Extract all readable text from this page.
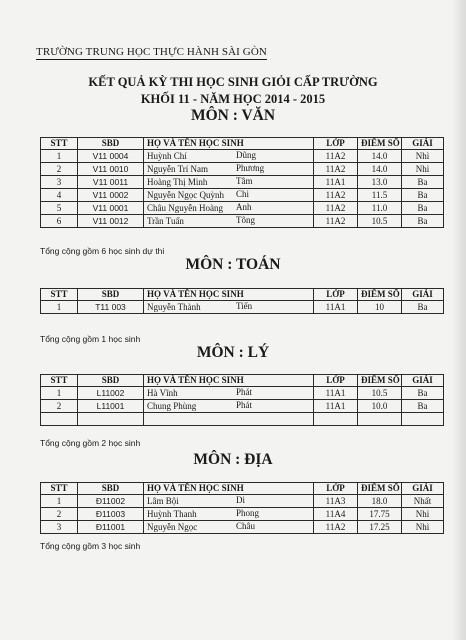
TRƯỜNG TRUNG HỌC THỰC HÀNH SÀI GÒN
KẾT QUẢ KỲ THI HỌC SINH GIỎI CẤP TRƯỜNG
KHỐI 11 - NĂM HỌC 2014 - 2015
MÔN : VĂN
STT	SBD	HỌ VÀ TÊN HỌC SINH	LỚP	ĐIỂM SỐ	GIẢI
1	V11 0004	Huỳnh Chí Dũng	11A2	14.0	Nhì
2	V11 0010	Nguyễn Trí Nam Phương	11A2	14.0	Nhì
3	V11 0011	Hoàng Thị Minh Tâm	11A1	13.0	Ba
4	V11 0002	Nguyễn Ngọc Quỳnh Chi	11A2	11.5	Ba
5	V11 0001	Châu Nguyễn Hoàng Anh	11A2	11.0	Ba
6	V11 0012	Trần Tuấn Tông	11A2	10.5	Ba
Tổng cộng gồm 6 học sinh dự thi
MÔN : TOÁN
STT	SBD	HỌ VÀ TÊN HỌC SINH	LỚP	ĐIỂM SỐ	GIẢI
1	T11 003	Nguyễn Thành Tiến	11A1	10	Ba
Tổng cộng gồm 1 học sinh
MÔN : LÝ
STT	SBD	HỌ VÀ TÊN HỌC SINH	LỚP	ĐIỂM SỐ	GIẢI
1	L11002	Hà Vĩnh Phát	11A1	10.5	Ba
2	L11001	Chung Phùng Phát	11A1	10.0	Ba

Tổng cộng gồm 2 học sinh
MÔN : ĐỊA
STT	SBD	HỌ VÀ TÊN HỌC SINH	LỚP	ĐIỂM SỐ	GIẢI
1	Đ11002	Lâm Bội Di	11A3	18.0	Nhất
2	Đ11003	Huỳnh Thanh Phong	11A4	17.75	Nhì
3	Đ11001	Nguyễn Ngọc Châu	11A2	17.25	Nhì
Tổng cộng gồm 3 học sinh
